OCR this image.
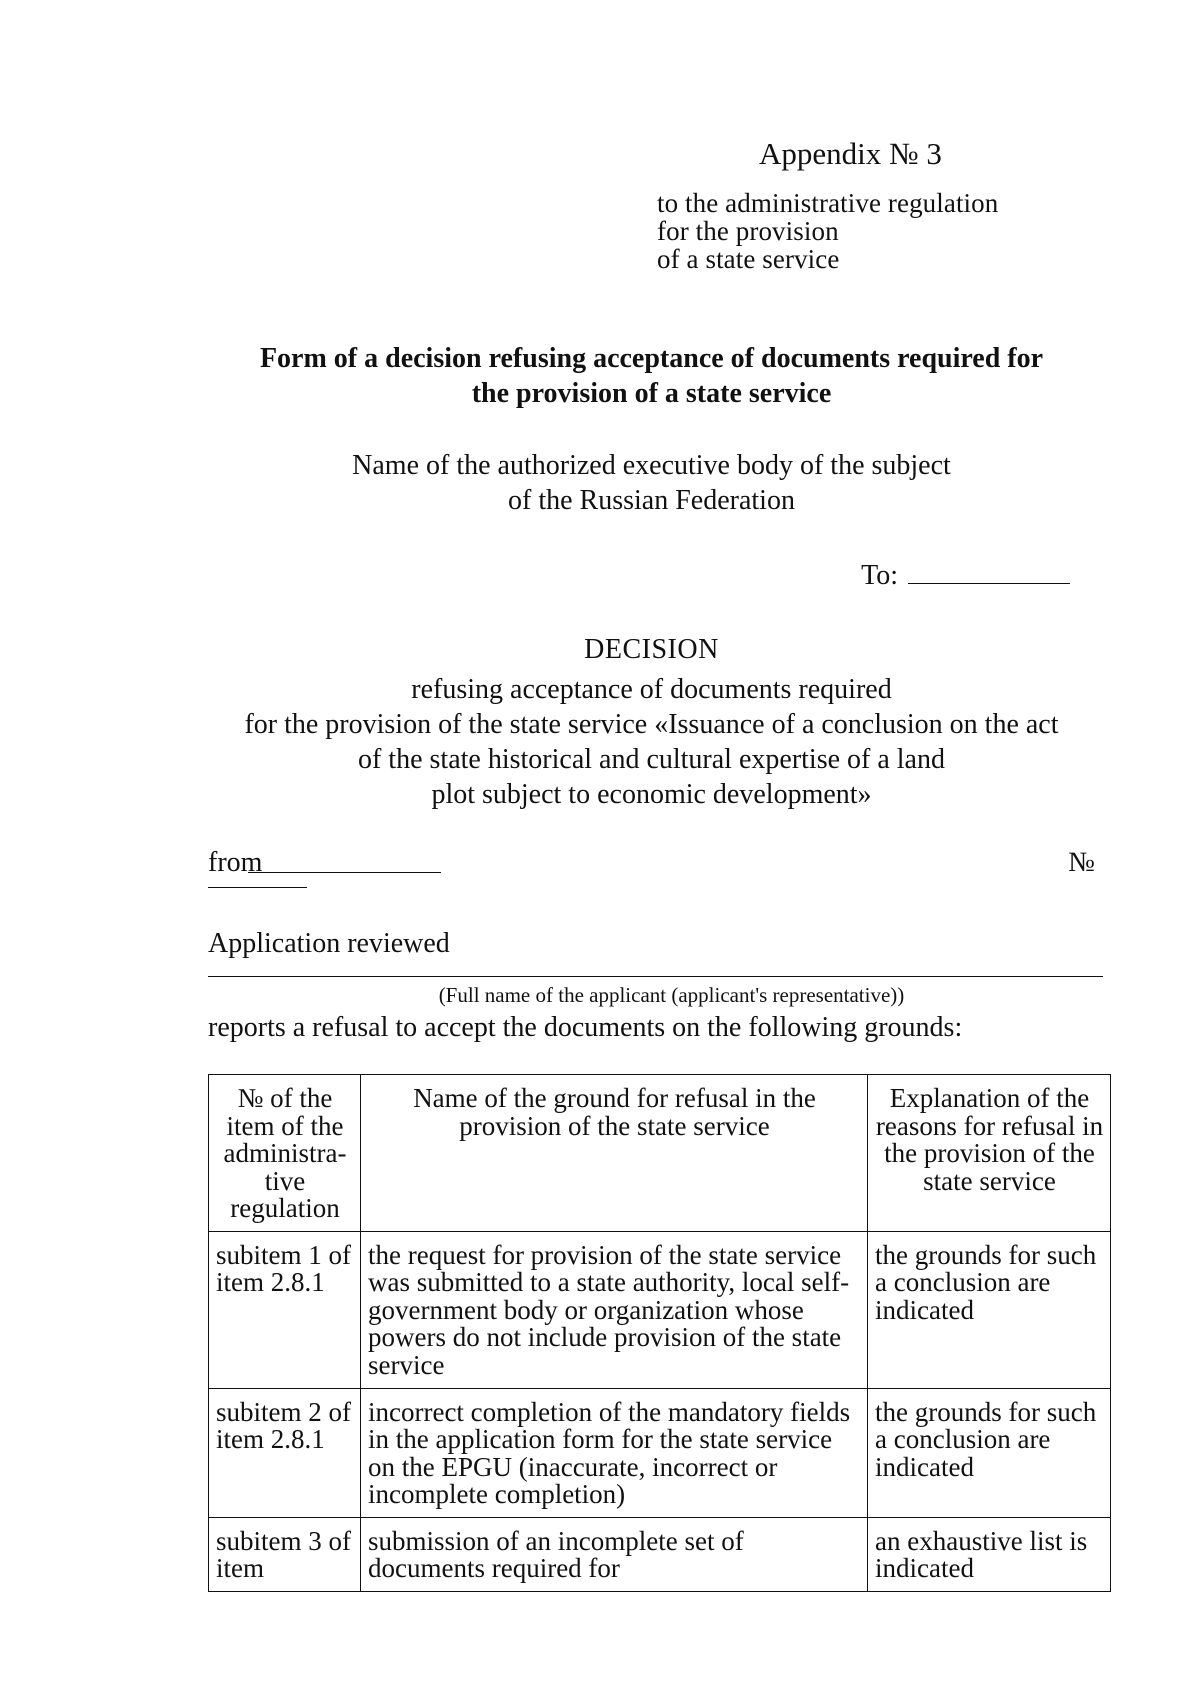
Appendix № 3
to the administrative regulation
for the provision
of a state service
Form of a decision refusing acceptance of documents required for
the provision of a state service
Name of the authorized executive body of the subject
of the Russian Federation
To:
DECISION
refusing acceptance of documents required
for the provision of the state service «Issuance of a conclusion on the act
of the state historical and cultural expertise of a land
plot subject to economic development»
from	№
Application reviewed
(Full name of the applicant (applicant's representative))
reports a refusal to accept the documents on the following grounds:
№ of the item of the administrative regulation	Name of the ground for refusal in the provision of the state service	Explanation of the reasons for refusal in the provision of the state service
subitem 1 of item 2.8.1	the request for provision of the state service was submitted to a state authority, local self-government body or organization whose powers do not include provision of the state service	the grounds for such a conclusion are indicated
subitem 2 of item 2.8.1	incorrect completion of the mandatory fields in the application form for the state service on the EPGU (inaccurate, incorrect or incomplete completion)	the grounds for such a conclusion are indicated
subitem 3 of item	submission of an incomplete set of documents required for	an exhaustive list is indicated
